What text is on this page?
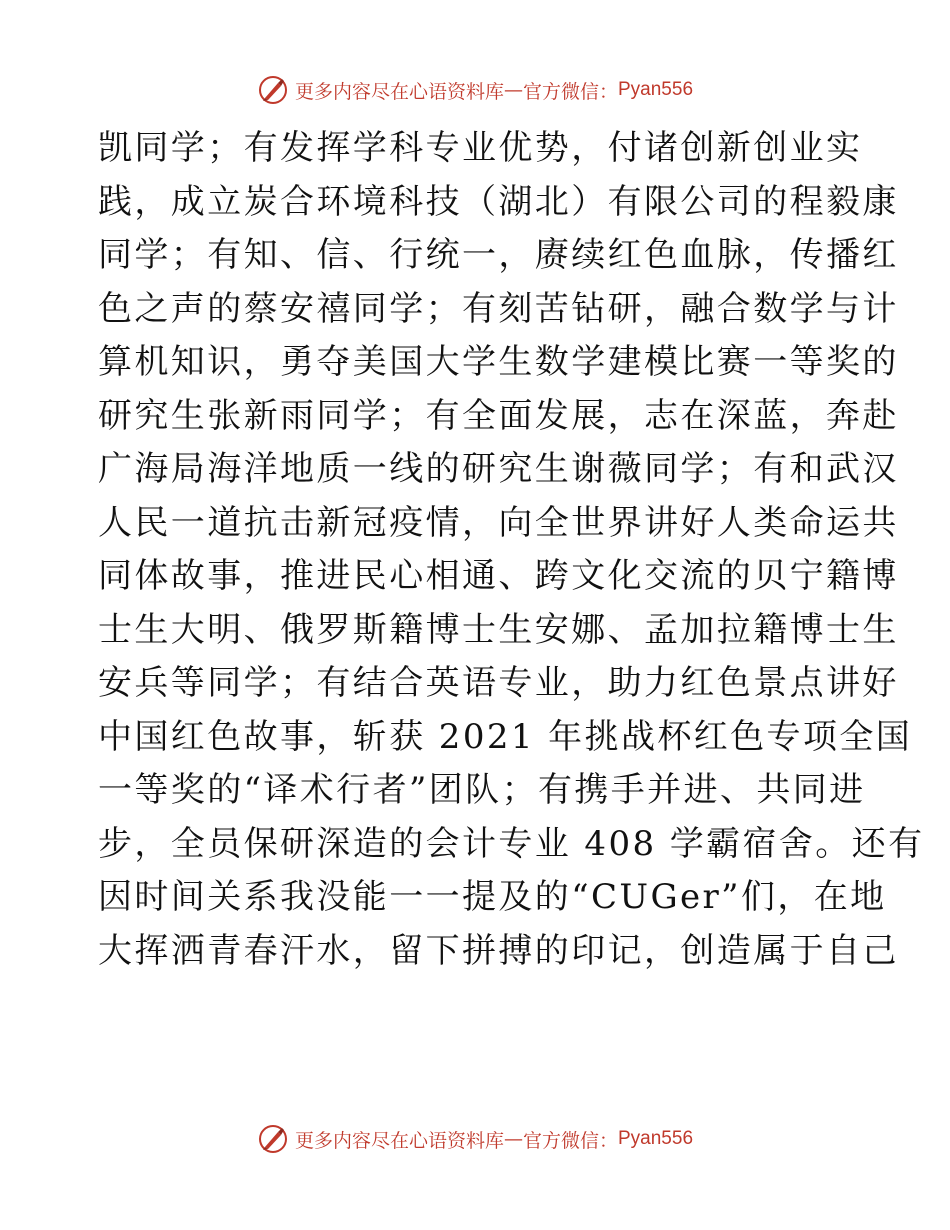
更多内容尽在心语资料库 — 官方微信： Pyan556
凯同学；有发挥学科专业优势，付诸创新创业实
践，成立炭合环境科技（湖北）有限公司的程毅康
同学；有知、信、行统一，赓续红色血脉，传播红
色之声的蔡安禧同学；有刻苦钻研，融合数学与计
算机知识，勇夺美国大学生数学建模比赛一等奖的
研究生张新雨同学；有全面发展，志在深蓝，奔赴
广海局海洋地质一线的研究生谢薇同学；有和武汉
人民一道抗击新冠疫情，向全世界讲好人类命运共
同体故事，推进民心相通、跨文化交流的贝宁籍博
士生大明、俄罗斯籍博士生安娜、孟加拉籍博士生
安兵等同学；有结合英语专业，助力红色景点讲好
中国红色故事，斩获 2021 年挑战杯红色专项全国
一等奖的“译术行者”团队；有携手并进、共同进
步，全员保研深造的会计专业 408 学霸宿舍。还有
因时间关系我没能一一提及的“CUGer”们，在地
大挥洒青春汗水，留下拼搏的印记，创造属于自己
更多内容尽在心语资料库 — 官方微信： Pyan556
